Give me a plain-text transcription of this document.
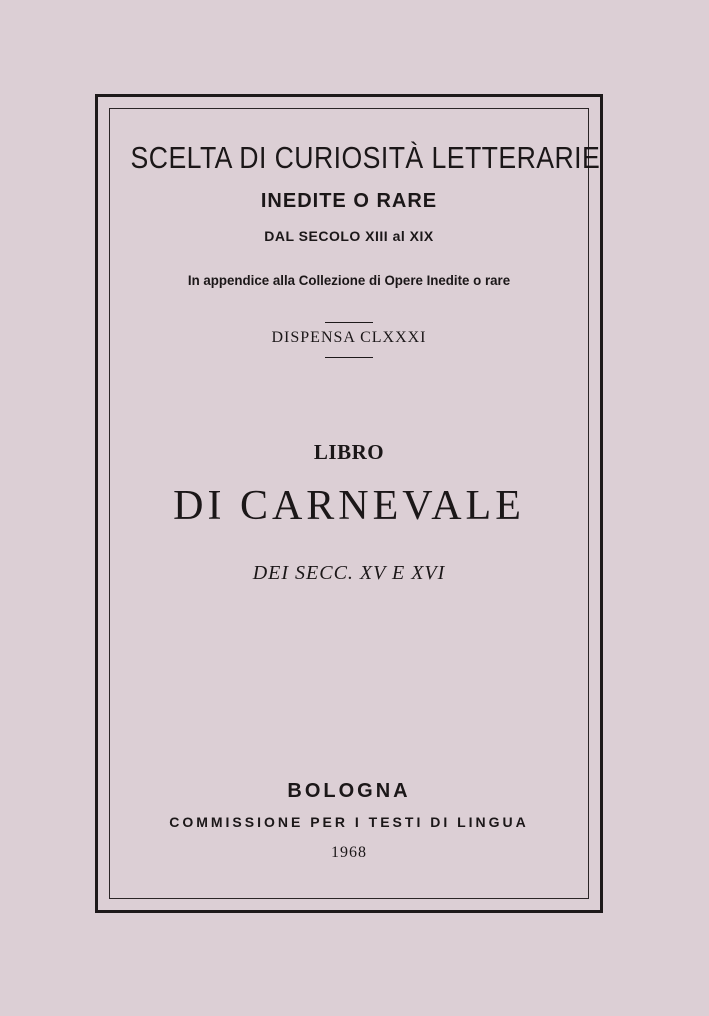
SCELTA DI CURIOSITÀ LETTERARIE
INEDITE O RARE
DAL SECOLO XIII al XIX
In appendice alla Collezione di Opere Inedite o rare
DISPENSA CLXXXI
LIBRO
DI CARNEVALE
DEI SECC. XV E XVI
BOLOGNA
COMMISSIONE PER I TESTI DI LINGUA
1968
